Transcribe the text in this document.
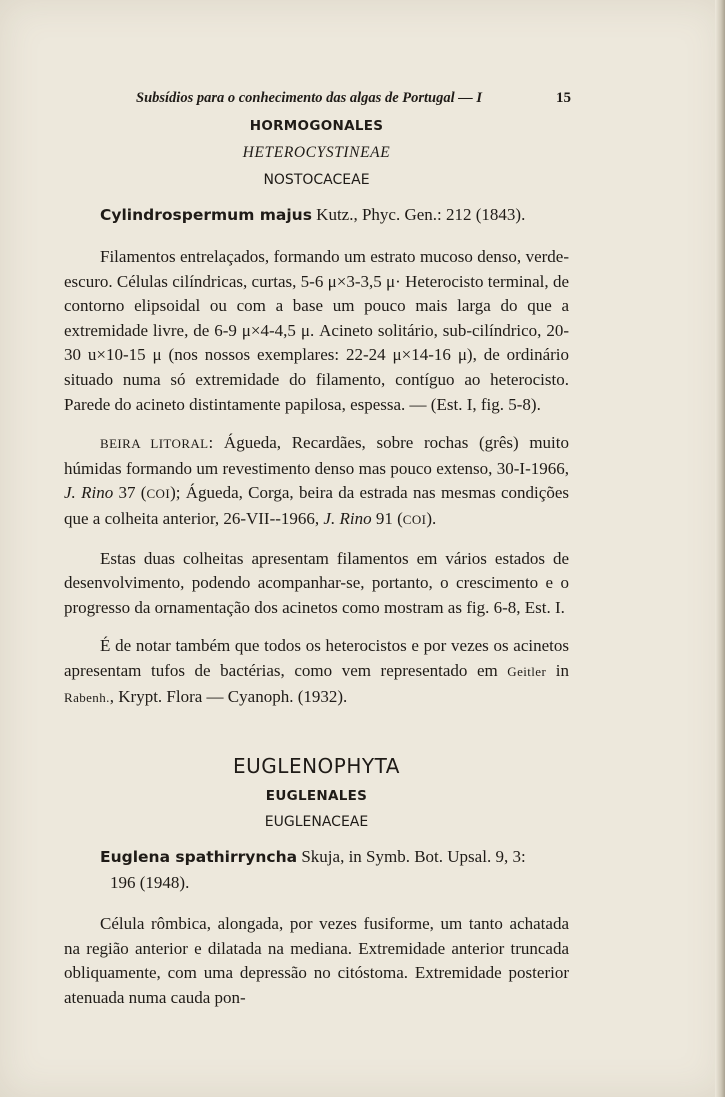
Subsídios para o conhecimento das algas de Portugal — I	15
HORMOGONALES
HETEROCYSTINEAE
NOSTOCACEAE
Cylindrospermum majus Kutz., Phyc. Gen.: 212 (1843).

Filamentos entrelaçados, formando um estrato mucoso denso, verde-escuro. Células cilíndricas, curtas, 5-6 μ×3-3,5 μ· Heterocisto terminal, de contorno elipsoidal ou com a base um pouco mais larga do que a extremidade livre, de 6-9 μ×4-4,5 μ. Acineto solitário, sub-cilíndrico, 20-30 u×10-15 μ (nos nossos exemplares: 22-24 μ×14-16 μ), de ordinário situado numa só extremidade do filamento, contíguo ao heterocisto. Parede do acineto distintamente papilosa, espessa. — (Est. I, fig. 5-8).

BEIRA LITORAL: Águeda, Recardães, sobre rochas (grês) muito húmidas formando um revestimento denso mas pouco extenso, 30-I-1966, J. Rino 37 (COI); Águeda, Corga, beira da estrada nas mesmas condições que a colheita anterior, 26-VII--1966, J. Rino 91 (COI).

Estas duas colheitas apresentam filamentos em vários estados de desenvolvimento, podendo acompanhar-se, portanto, o crescimento e o progresso da ornamentação dos acinetos como mostram as fig. 6-8, Est. I.

É de notar também que todos os heterocistos e por vezes os acinetos apresentam tufos de bactérias, como vem representado em Geitler in Rabenh., Krypt. Flora — Cyanoph. (1932).

EUGLENOPHYTA
EUGLENALES
EUGLENACEAE
Euglena spathirryncha Skuja, in Symb. Bot. Upsal. 9, 3:
196 (1948).

Célula rômbica, alongada, por vezes fusiforme, um tanto achatada na região anterior e dilatada na mediana. Extremidade anterior truncada obliquamente, com uma depressão no citóstoma. Extremidade posterior atenuada numa cauda pon-
